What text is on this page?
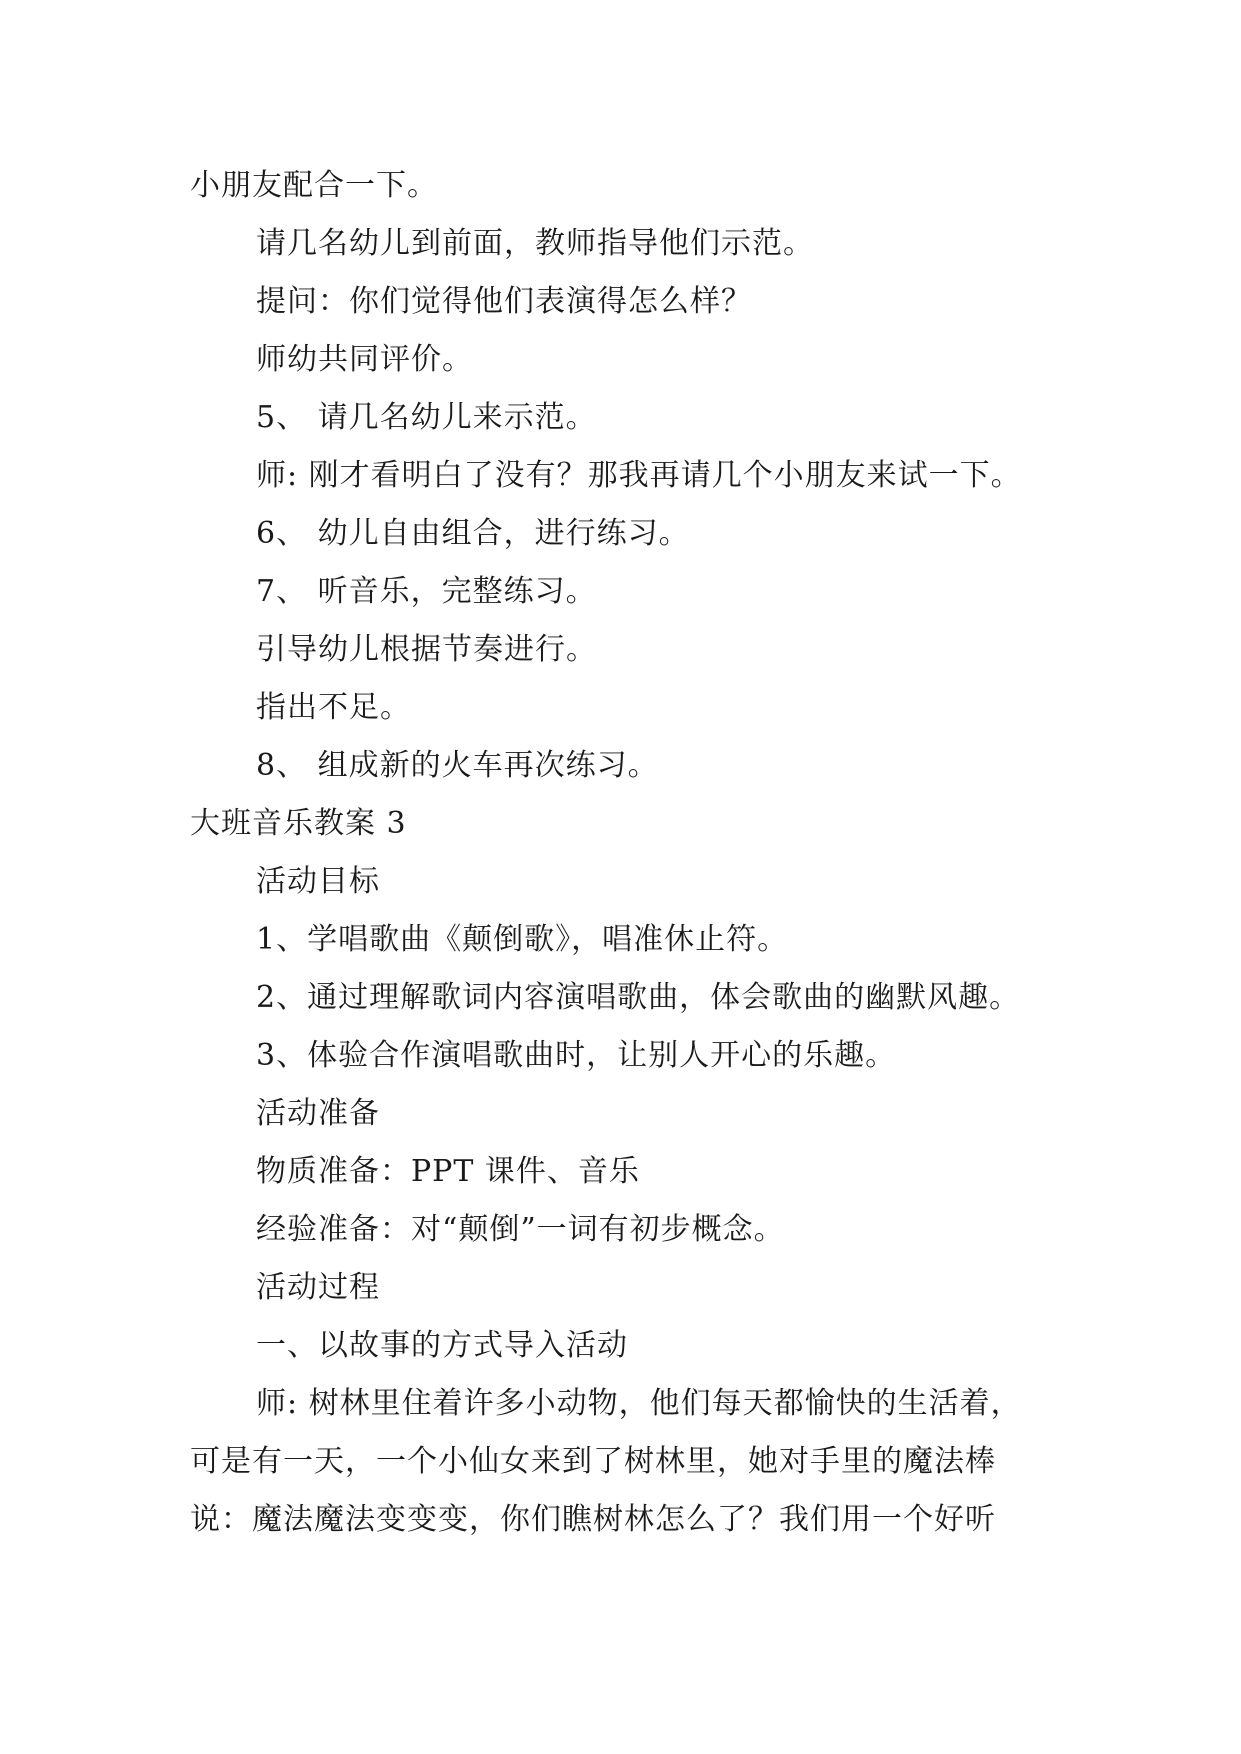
小朋友配合一下。
请几名幼儿到前面，教师指导他们示范。
提问：你们觉得他们表演得怎么样？
师幼共同评价。
5、 请几名幼儿来示范。
师: 刚才看明白了没有？那我再请几个小朋友来试一下。
6、 幼儿自由组合，进行练习。
7、 听音乐，完整练习。
引导幼儿根据节奏进行。
指出不足。
8、 组成新的火车再次练习。
大班音乐教案 3
活动目标
1、学唱歌曲《颠倒歌》，唱准休止符。
2、通过理解歌词内容演唱歌曲，体会歌曲的幽默风趣。
3、体验合作演唱歌曲时，让别人开心的乐趣。
活动准备
物质准备：PPT 课件、音乐
经验准备：对“颠倒”一词有初步概念。
活动过程
一、以故事的方式导入活动
师: 树林里住着许多小动物，他们每天都愉快的生活着，
可是有一天，一个小仙女来到了树林里，她对手里的魔法棒
说：魔法魔法变变变，你们瞧树林怎么了？我们用一个好听
